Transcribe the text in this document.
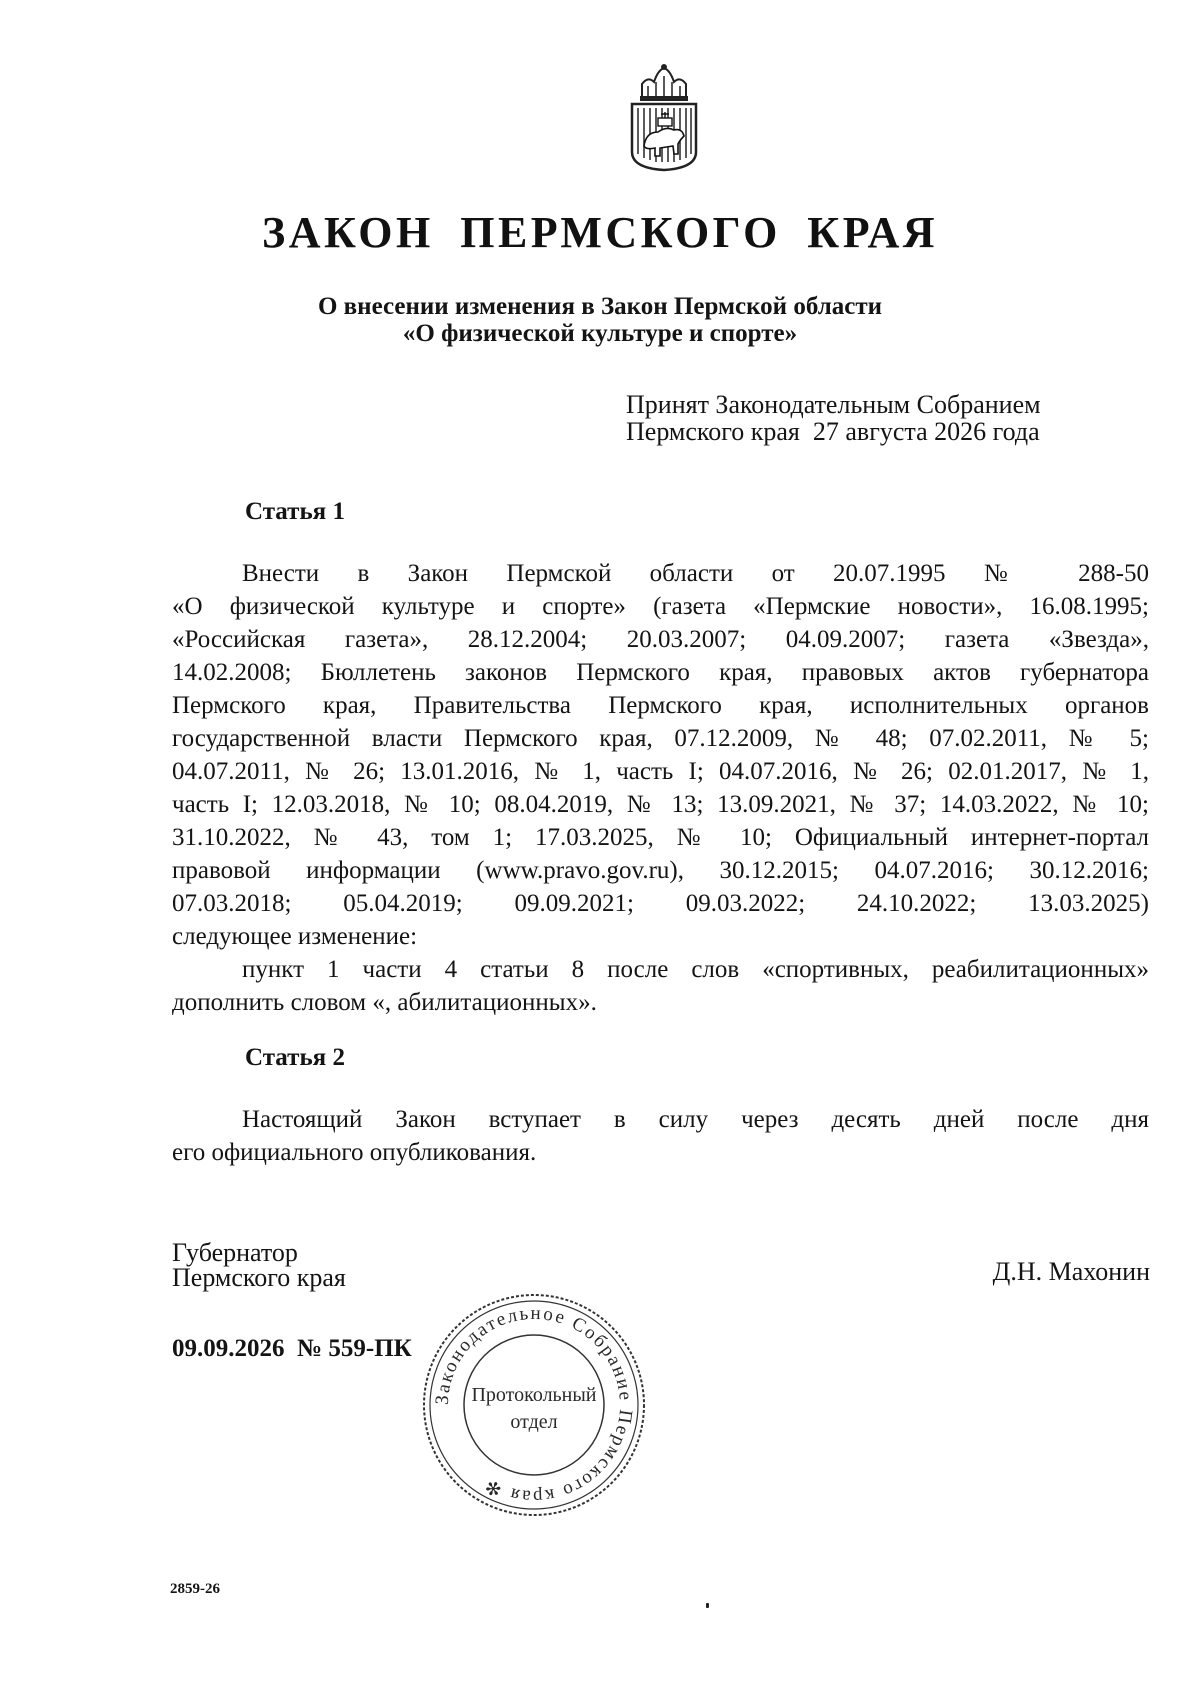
ЗАКОН ПЕРМСКОГО КРАЯ
О внесении изменения в Закон Пермской области
«О физической культуре и спорте»
Принят Законодательным Собранием
Пермского края  27 августа 2026 года
Статья 1
Внести в Закон Пермской области от 20.07.1995 № 288-50
«О физической культуре и спорте» (газета «Пермские новости», 16.08.1995;
«Российская газета», 28.12.2004; 20.03.2007; 04.09.2007; газета «Звезда»,
14.02.2008; Бюллетень законов Пермского края, правовых актов губернатора
Пермского края, Правительства Пермского края, исполнительных органов
государственной власти Пермского края, 07.12.2009, № 48; 07.02.2011, № 5;
04.07.2011, № 26; 13.01.2016, № 1, часть I; 04.07.2016, № 26; 02.01.2017, № 1,
часть I; 12.03.2018, № 10; 08.04.2019, № 13; 13.09.2021, № 37; 14.03.2022, № 10;
31.10.2022, № 43, том 1; 17.03.2025, № 10; Официальный интернет-портал
правовой информации (www.pravo.gov.ru), 30.12.2015; 04.07.2016; 30.12.2016;
07.03.2018; 05.04.2019; 09.09.2021; 09.03.2022; 24.10.2022; 13.03.2025)
следующее изменение:
пункт 1 части 4 статьи 8 после слов «спортивных, реабилитационных»
дополнить словом «, абилитационных».
Статья 2
Настоящий Закон вступает в силу через десять дней после дня
его официального опубликования.
Губернатор
Пермского края	Д.Н. Махонин
09.09.2026  № 559-ПК
Законодательное Собрание Пермского края ✻
Протокольный
отдел
2859-26
